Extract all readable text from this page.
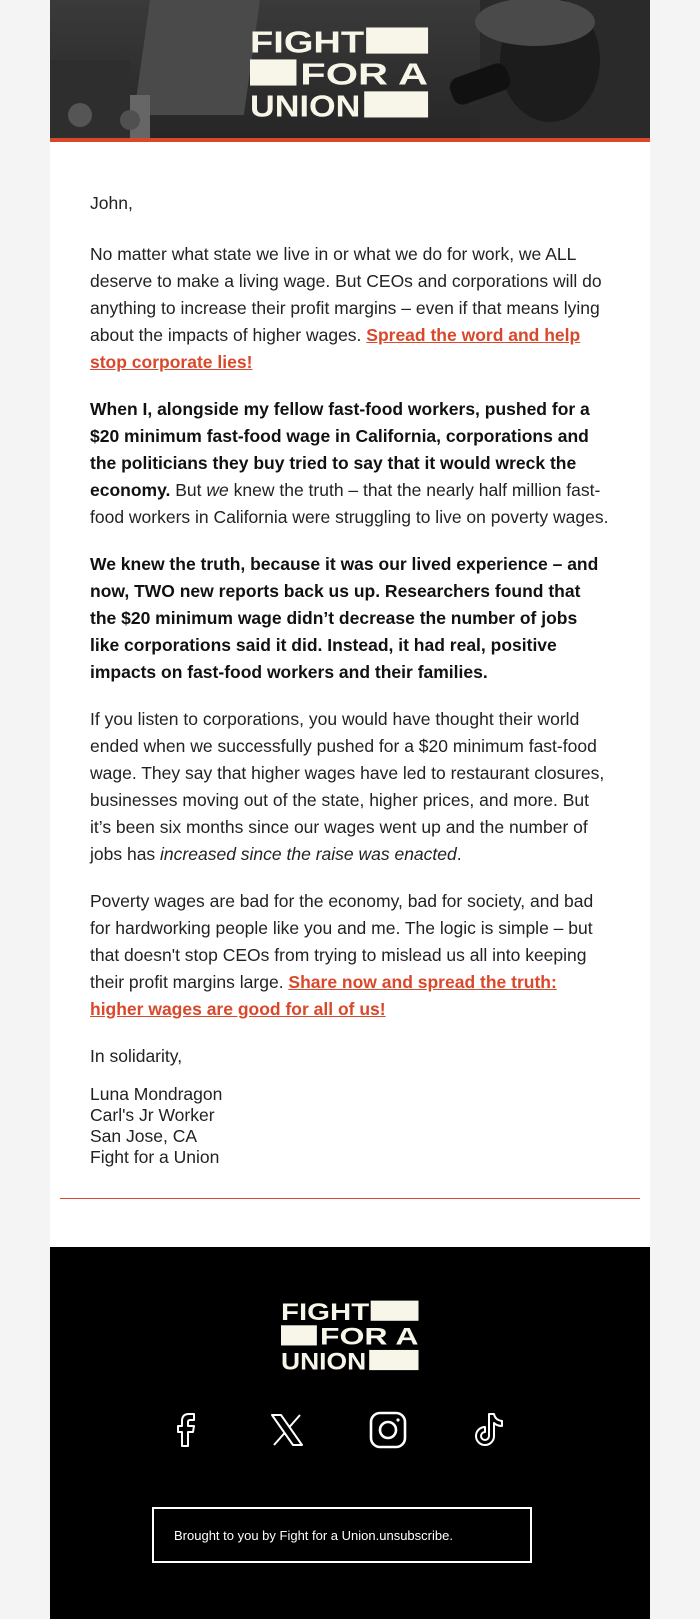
FIGHT
FOR A
UNION

John,

No matter what state we live in or what we do for work, we ALL deserve to make a living wage. But CEOs and corporations will do anything to increase their profit margins – even if that means lying about the impacts of higher wages. Spread the word and help stop corporate lies!

When I, alongside my fellow fast-food workers, pushed for a $20 minimum fast-food wage in California, corporations and the politicians they buy tried to say that it would wreck the economy. But we knew the truth – that the nearly half million fast-food workers in California were struggling to live on poverty wages.

We knew the truth, because it was our lived experience – and now, TWO new reports back us up. Researchers found that the $20 minimum wage didn’t decrease the number of jobs like corporations said it did. Instead, it had real, positive impacts on fast-food workers and their families.

If you listen to corporations, you would have thought their world ended when we successfully pushed for a $20 minimum fast-food wage. They say that higher wages have led to restaurant closures, businesses moving out of the state, higher prices, and more. But it’s been six months since our wages went up and the number of jobs has increased since the raise was enacted.

Poverty wages are bad for the economy, bad for society, and bad for hardworking people like you and me. The logic is simple – but that doesn't stop CEOs from trying to mislead us all into keeping their profit margins large. Share now and spread the truth: higher wages are good for all of us!

In solidarity,

Luna Mondragon
Carl's Jr Worker
San Jose, CA
Fight for a Union
FIGHT
FOR A
UNION
Brought to you by Fight for a Union. unsubscribe .
